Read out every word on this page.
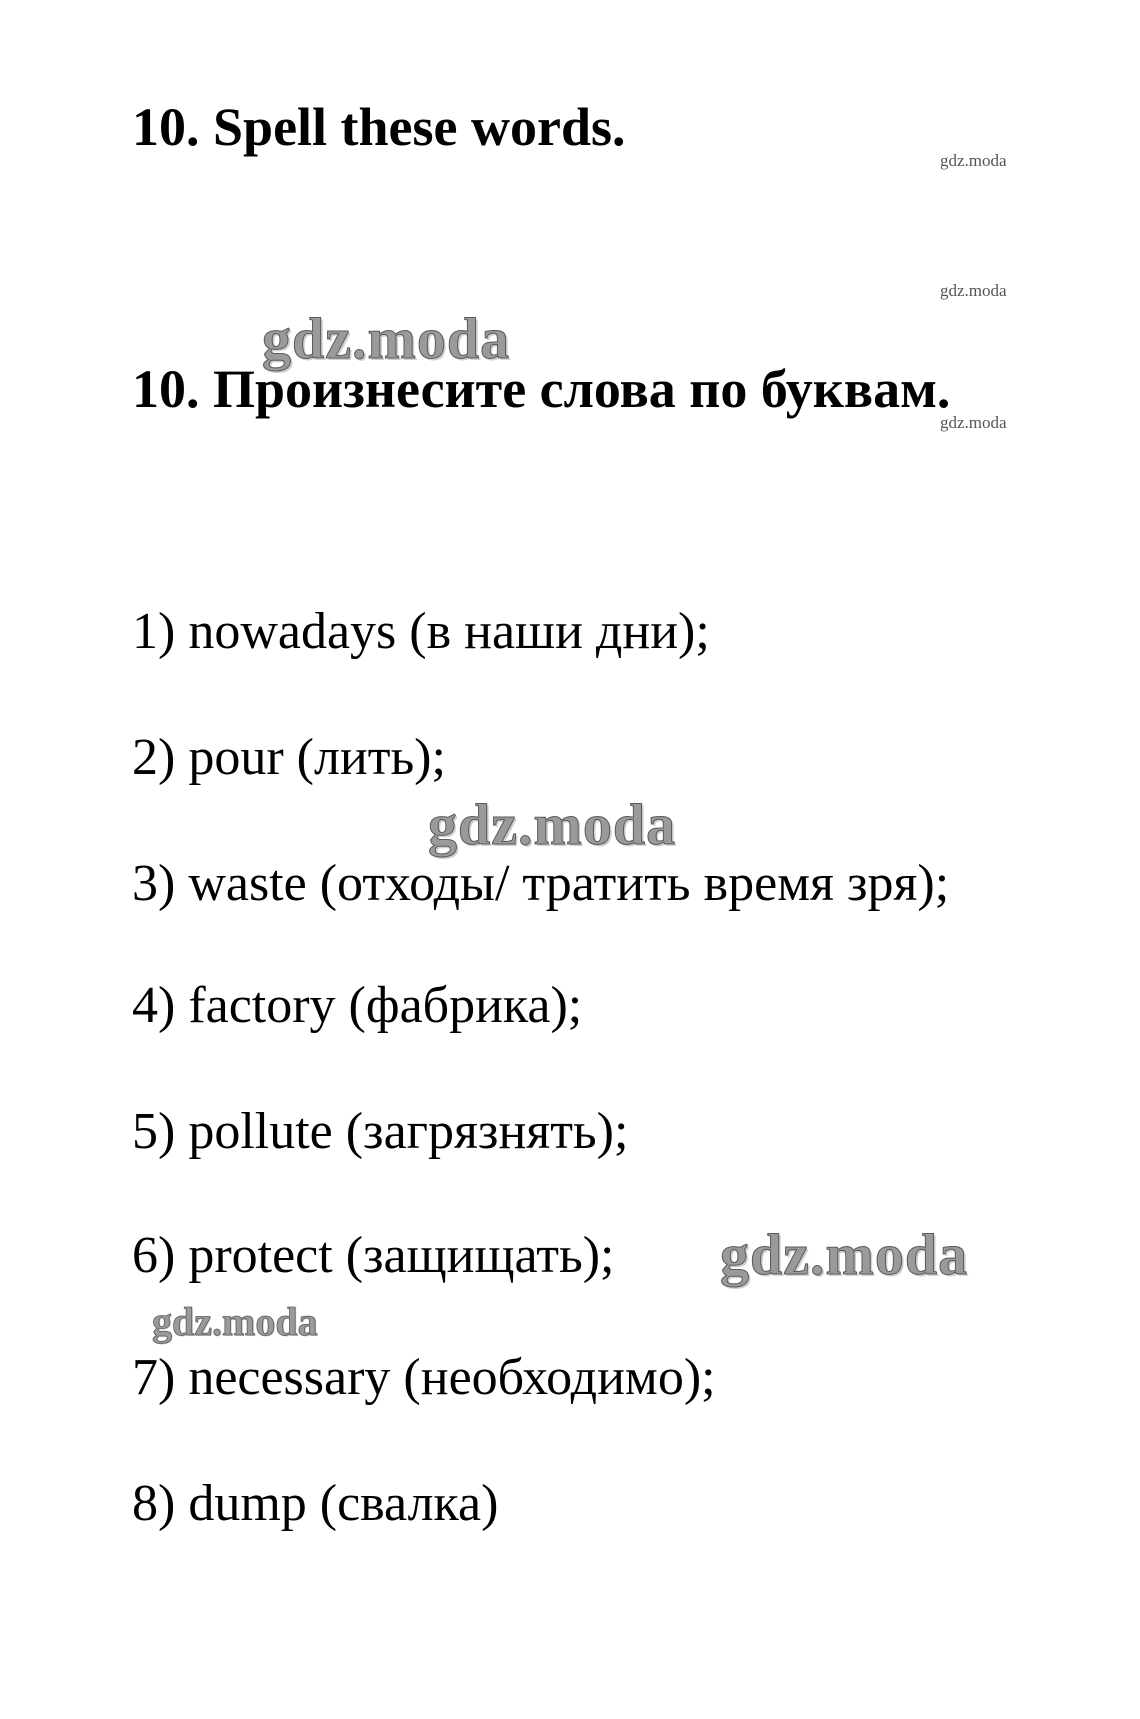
10. Spell these words.
10. Произнесите слова по буквам.
1) nowadays (в наши дни);
2) pour (лить);
3) waste (отходы/ тратить время зря);
4) factory (фабрика);
5) pollute (загрязнять);
6) protect (защищать);
7) necessary (необходимо);
8) dump (свалка)
gdz.moda
gdz.moda
gdz.moda
gdz.moda
gdz.moda
gdz.moda
gdz.moda
